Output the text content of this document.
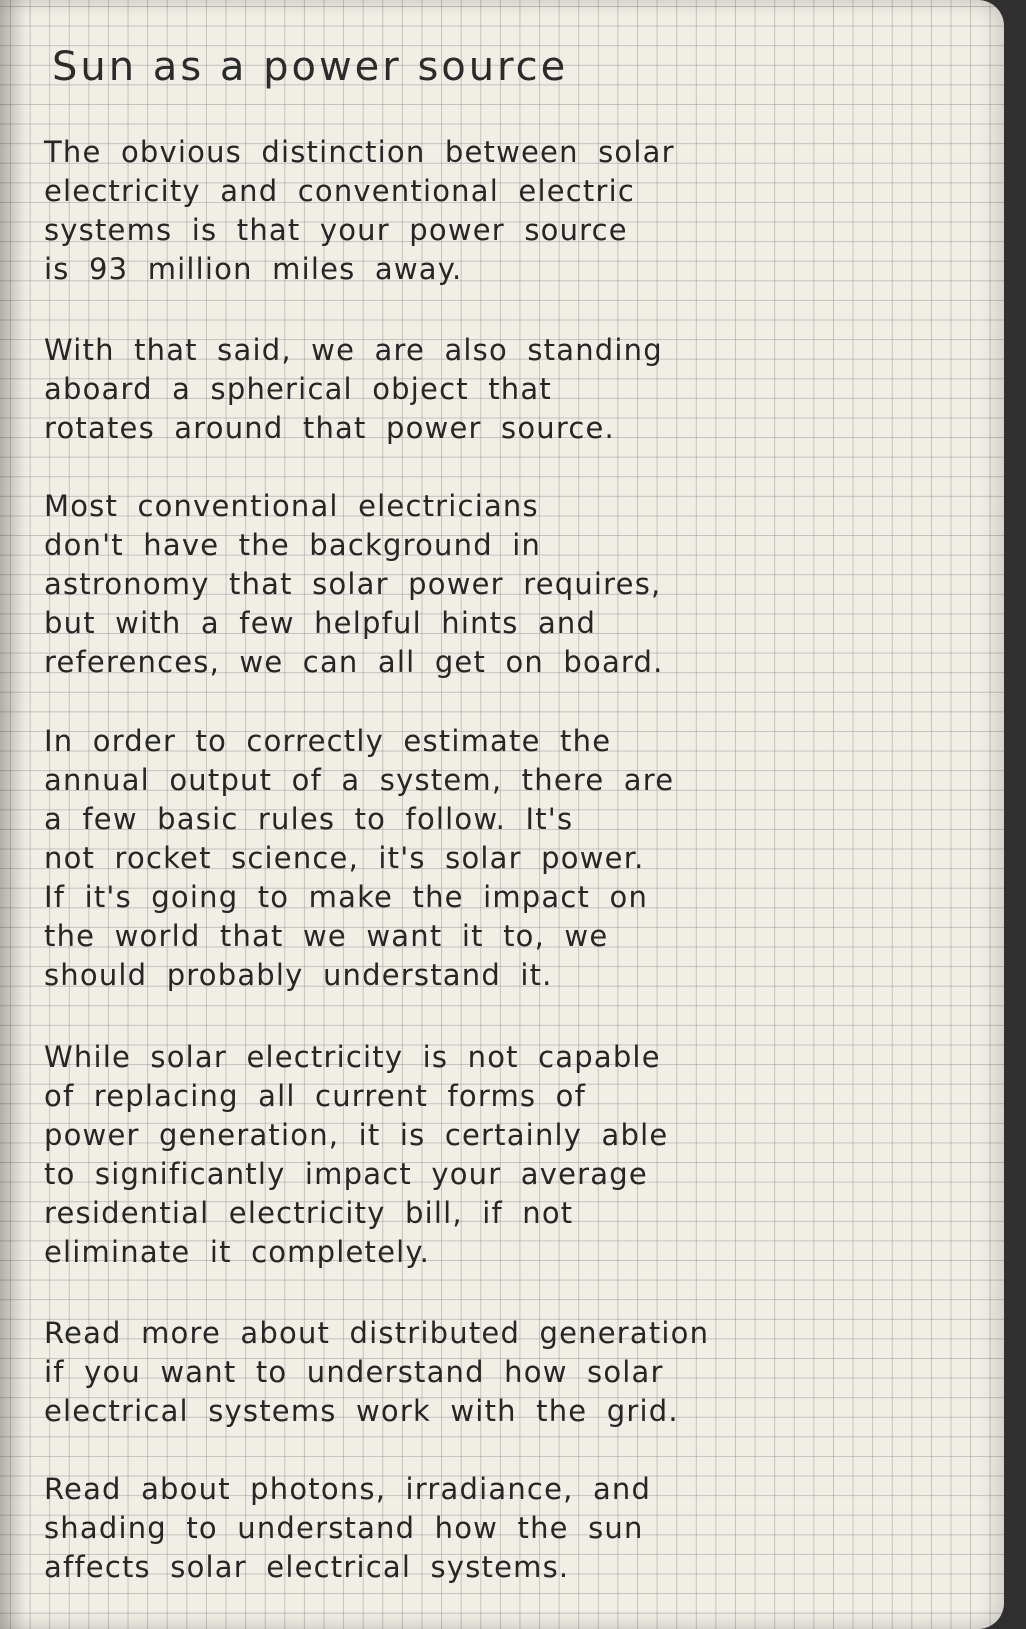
Sun as a power source
The obvious distinction between solar
electricity and conventional electric
systems is that your power source
is 93 million miles away.
With that said, we are also standing
aboard a spherical object that
rotates around that power source.
Most conventional electricians
don't have the background in
astronomy that solar power requires,
but with a few helpful hints and
references, we can all get on board.
In order to correctly estimate the
annual output of a system, there are
a few basic rules to follow. It's
not rocket science, it's solar power.
If it's going to make the impact on
the world that we want it to, we
should probably understand it.
While solar electricity is not capable
of replacing all current forms of
power generation, it is certainly able
to significantly impact your average
residential electricity bill, if not
eliminate it completely.
Read more about distributed generation
if you want to understand how solar
electrical systems work with the grid.
Read about photons, irradiance, and
shading to understand how the sun
affects solar electrical systems.
